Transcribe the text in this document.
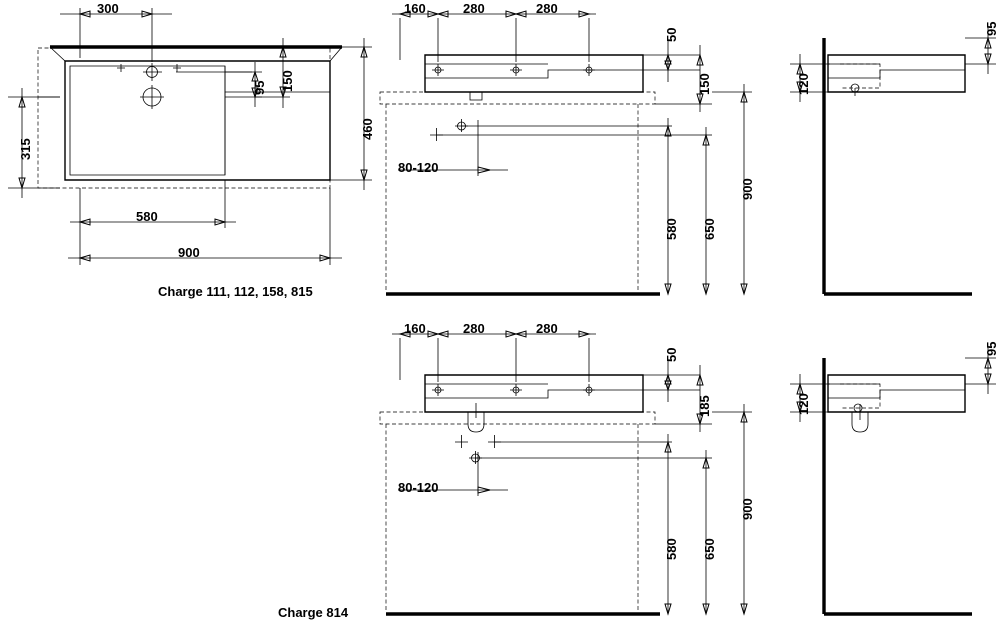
300
315
95 150
460
580
900
160	280	280
50
150
80-120
580 650
900
95
120
160	280	280
50
185
80-120
580 650
900
95
120
Charge 111, 112, 158, 815
Charge 814
